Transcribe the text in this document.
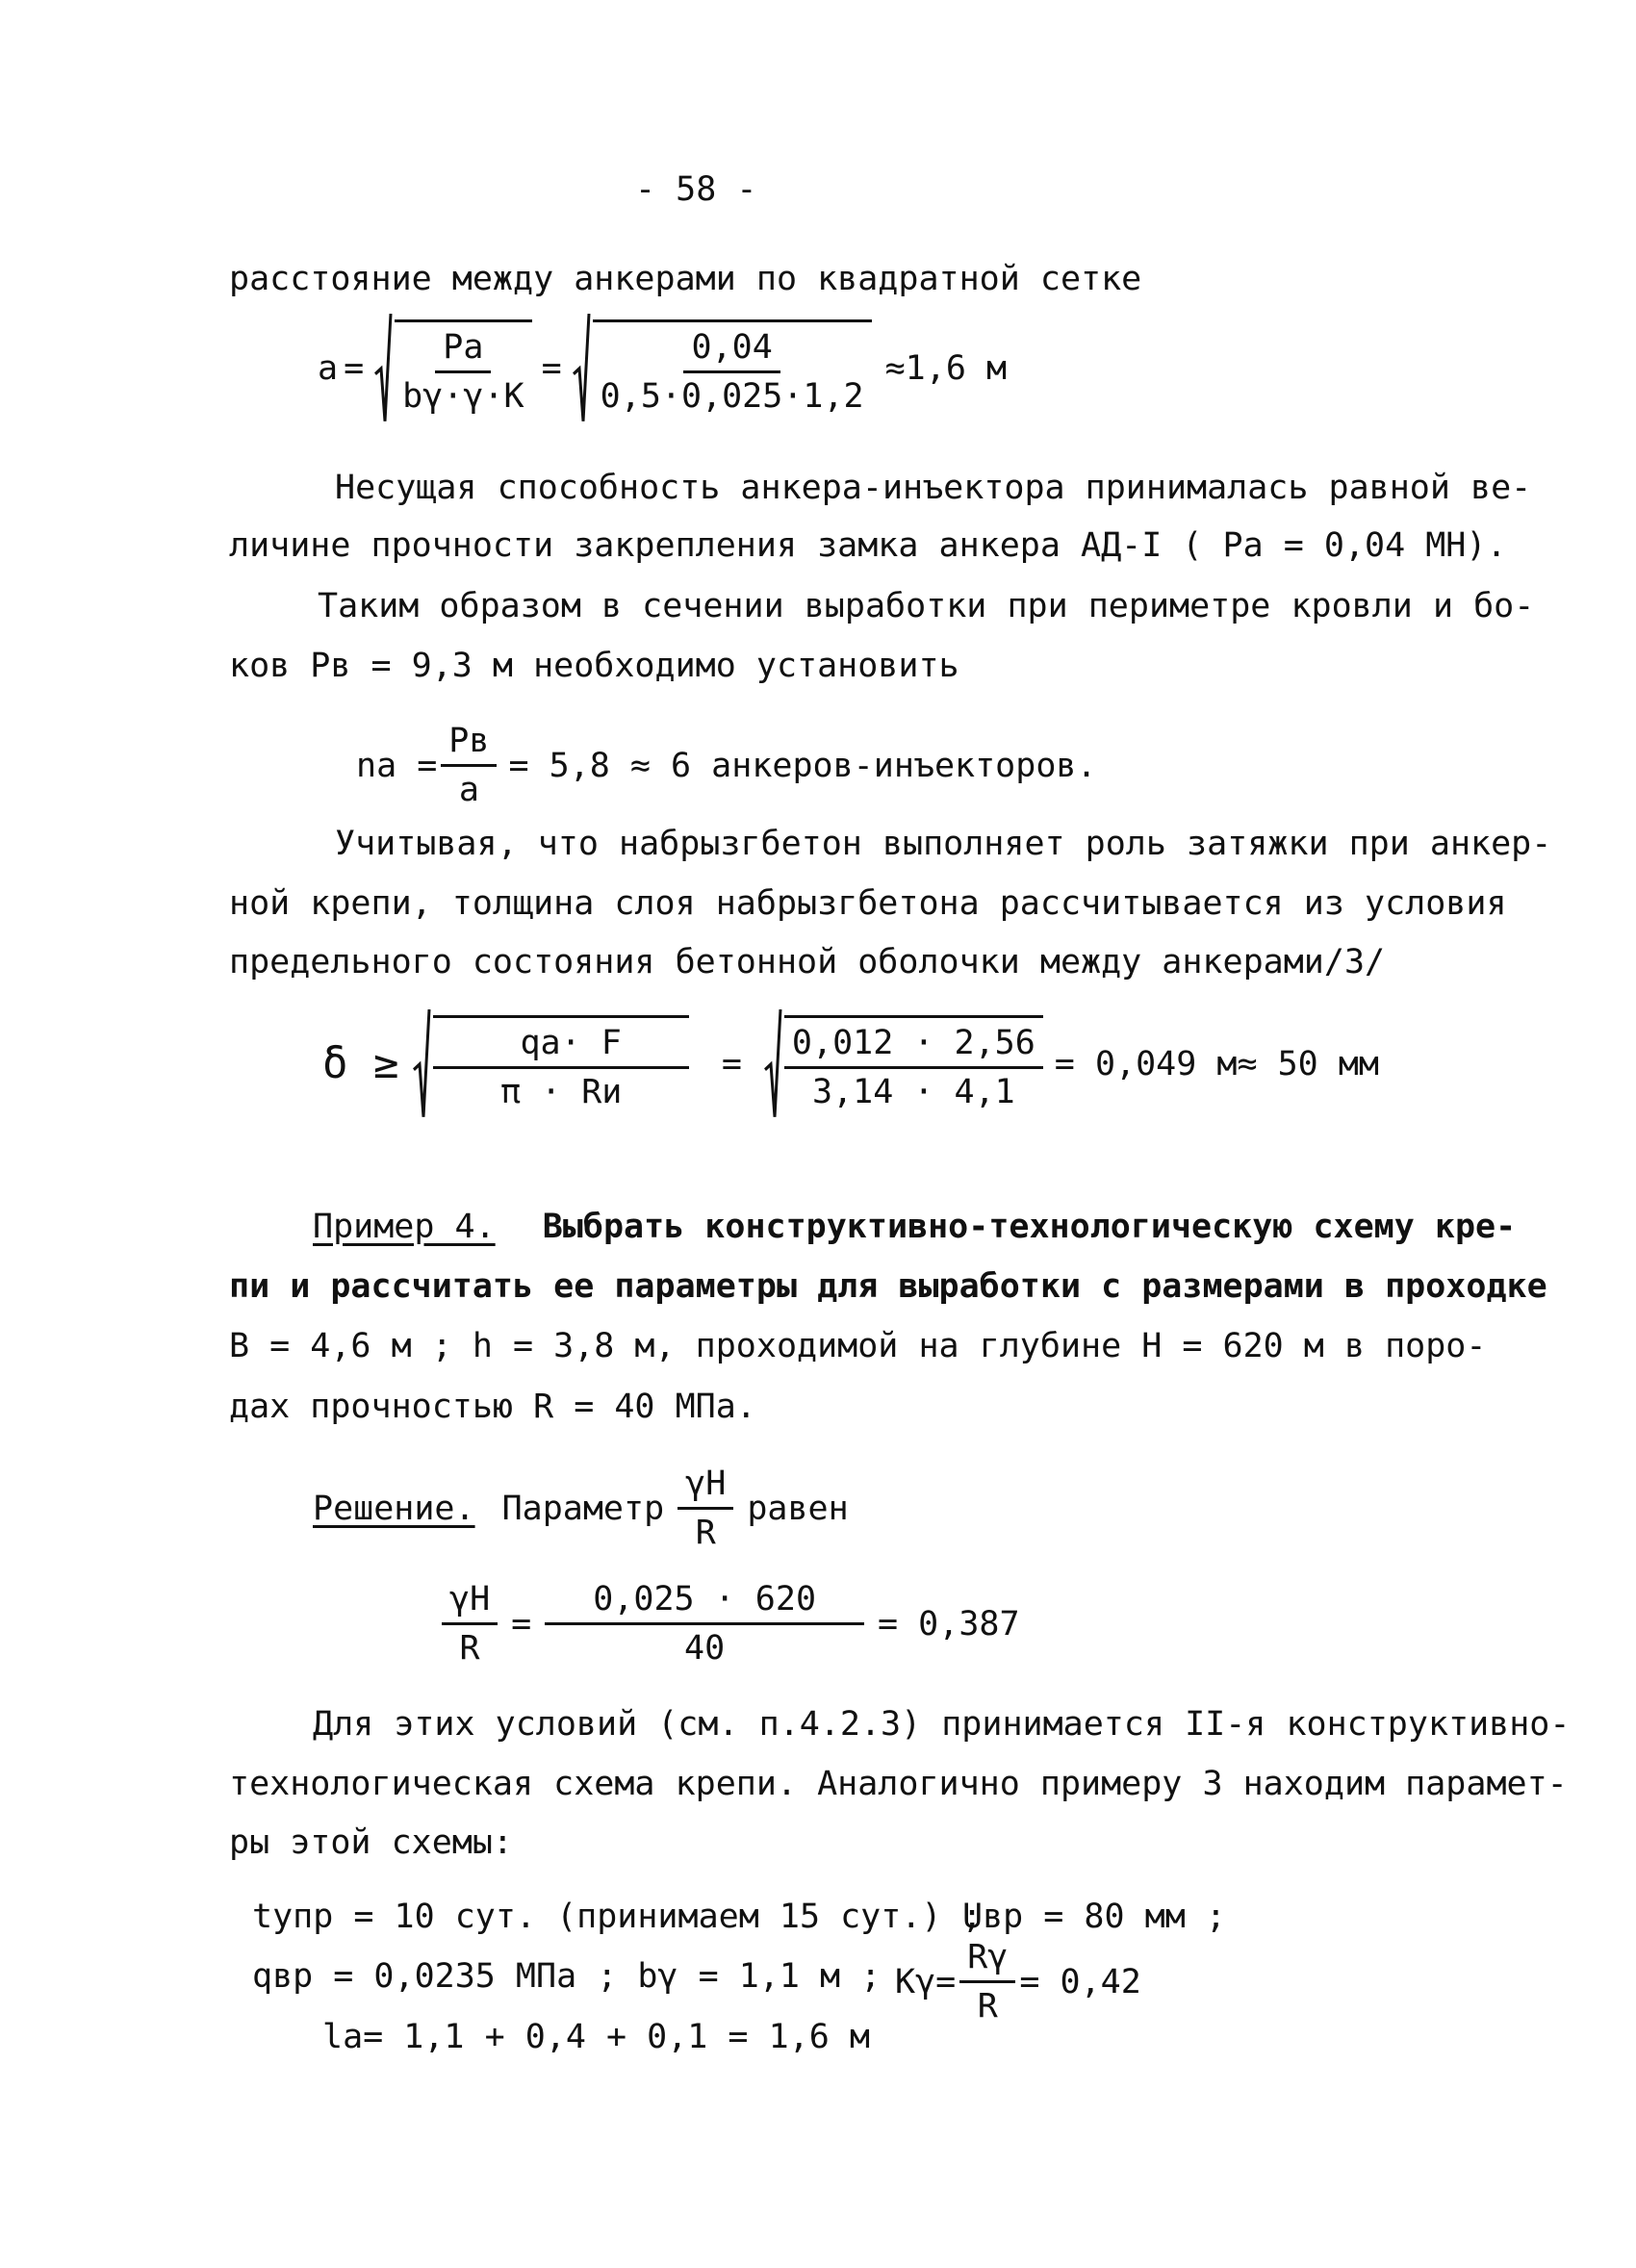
- 58 -
расстояние между анкерами по квадратной сетке
$a = \frac{Pa}{b\gamma\cdot\gamma\cdot K} = \frac{0,04}{0,5\cdot 0,025\cdot 1,2} \approx 1,6$ м
Несущая способность анкера-инъектора принималась равной ве-
личине прочности закрепления замка анкера АД-I ( Pa = 0,04 МН).
Таким образом в сечении выработки при периметре кровли и бо-
ков Pв = 9,3 м необходимо установить
na =
Pв
a
= 5,8 ≈ 6 анкеров-инъекторов.
Учитывая, что набрызгбетон выполняет роль затяжки при анкер-
ной крепи, толщина слоя набрызгбетона рассчитывается из условия
предельного состояния бетонной оболочки между анкерами/3/
δ ≥	qа· F
π · Rи
= $\frac{0,012 \cdot 2,56}{3,14 \cdot 4,1} = 0,049$ м≈ 50 мм
Пример 4. Выбрать конструктивно-технологическую схему кре-
пи и рассчитать ее параметры для выработки с размерами в проходке
B = 4,6 м ; h = 3,8 м, проходимой на глубине H = 620 м в поро-
дах прочностью R = 40 МПа.
Решение. Параметр $\frac{\gamma H}{R}$ равен
$\frac{\gamma H}{R} = \frac{0,025 \cdot 620}{40} = 0,387$
Для этих условий (см. п.4.2.3) принимается II-я конструктивно-
технологическая схема крепи. Аналогично примеру 3 находим парамет-
ры этой схемы:
tупр = 10 сут. (принимаем 15 сут.) ;
Uвр = 80 мм ;
qвр = 0,0235 МПа ; bγ = 1,1 м ; $K\gamma= \frac{R\gamma}{R} = 0,42$
la= 1,1 + 0,4 + 0,1 = 1,6 м
